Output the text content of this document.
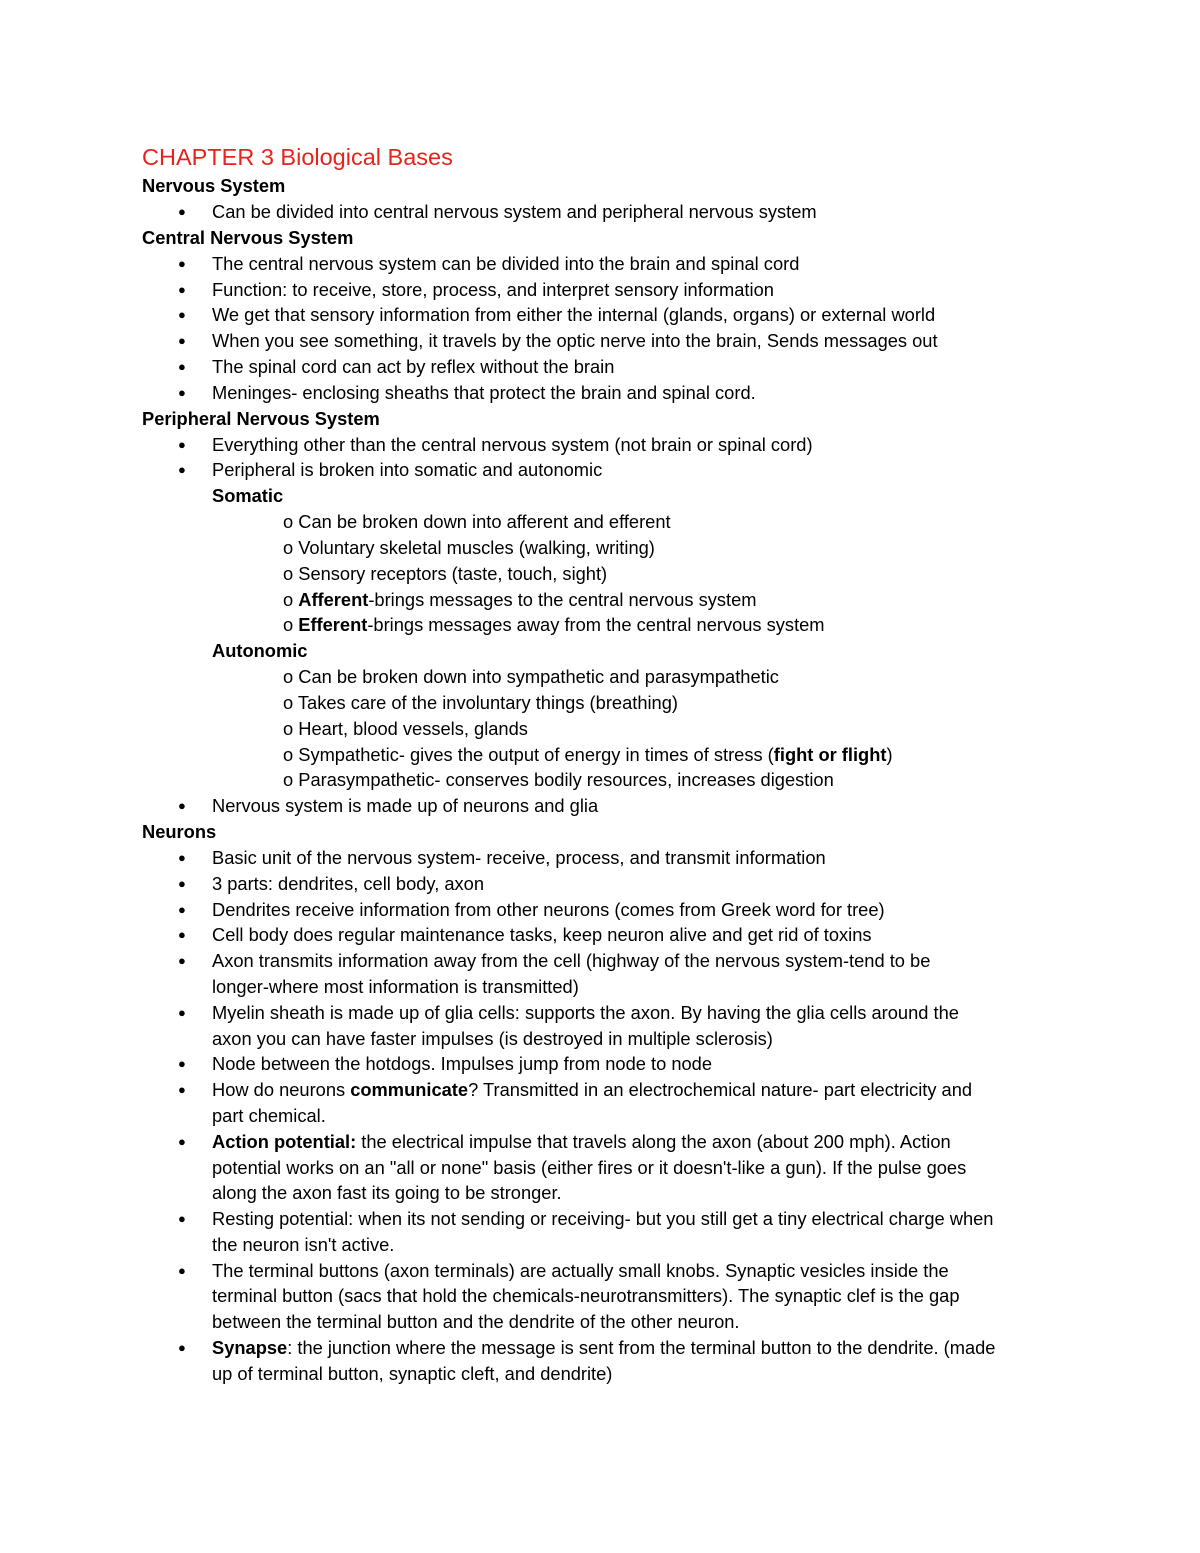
CHAPTER 3 Biological Bases
Nervous System
● Can be divided into central nervous system and peripheral nervous system
Central Nervous System
● The central nervous system can be divided into the brain and spinal cord
● Function: to receive, store, process, and interpret sensory information
● We get that sensory information from either the internal (glands, organs) or external world
● When you see something, it travels by the optic nerve into the brain, Sends messages out
● The spinal cord can act by reflex without the brain
● Meninges- enclosing sheaths that protect the brain and spinal cord.
Peripheral Nervous System
● Everything other than the central nervous system (not brain or spinal cord)
● Peripheral is broken into somatic and autonomic
Somatic
o Can be broken down into afferent and efferent
o Voluntary skeletal muscles (walking, writing)
o Sensory receptors (taste, touch, sight)
o Afferent-brings messages to the central nervous system
o Efferent-brings messages away from the central nervous system
Autonomic
o Can be broken down into sympathetic and parasympathetic
o Takes care of the involuntary things (breathing)
o Heart, blood vessels, glands
o Sympathetic- gives the output of energy in times of stress (fight or flight)
o Parasympathetic- conserves bodily resources, increases digestion
● Nervous system is made up of neurons and glia
Neurons
● Basic unit of the nervous system- receive, process, and transmit information
● 3 parts: dendrites, cell body, axon
● Dendrites receive information from other neurons (comes from Greek word for tree)
● Cell body does regular maintenance tasks, keep neuron alive and get rid of toxins
● Axon transmits information away from the cell (highway of the nervous system-tend to be
longer-where most information is transmitted)
● Myelin sheath is made up of glia cells: supports the axon. By having the glia cells around the
axon you can have faster impulses (is destroyed in multiple sclerosis)
● Node between the hotdogs. Impulses jump from node to node
● How do neurons communicate? Transmitted in an electrochemical nature- part electricity and
part chemical.
● Action potential: the electrical impulse that travels along the axon (about 200 mph). Action
potential works on an "all or none" basis (either fires or it doesn't-like a gun). If the pulse goes
along the axon fast its going to be stronger.
● Resting potential: when its not sending or receiving- but you still get a tiny electrical charge when
the neuron isn't active.
● The terminal buttons (axon terminals) are actually small knobs. Synaptic vesicles inside the
terminal button (sacs that hold the chemicals-neurotransmitters). The synaptic clef is the gap
between the terminal button and the dendrite of the other neuron.
● Synapse: the junction where the message is sent from the terminal button to the dendrite. (made
up of terminal button, synaptic cleft, and dendrite)
